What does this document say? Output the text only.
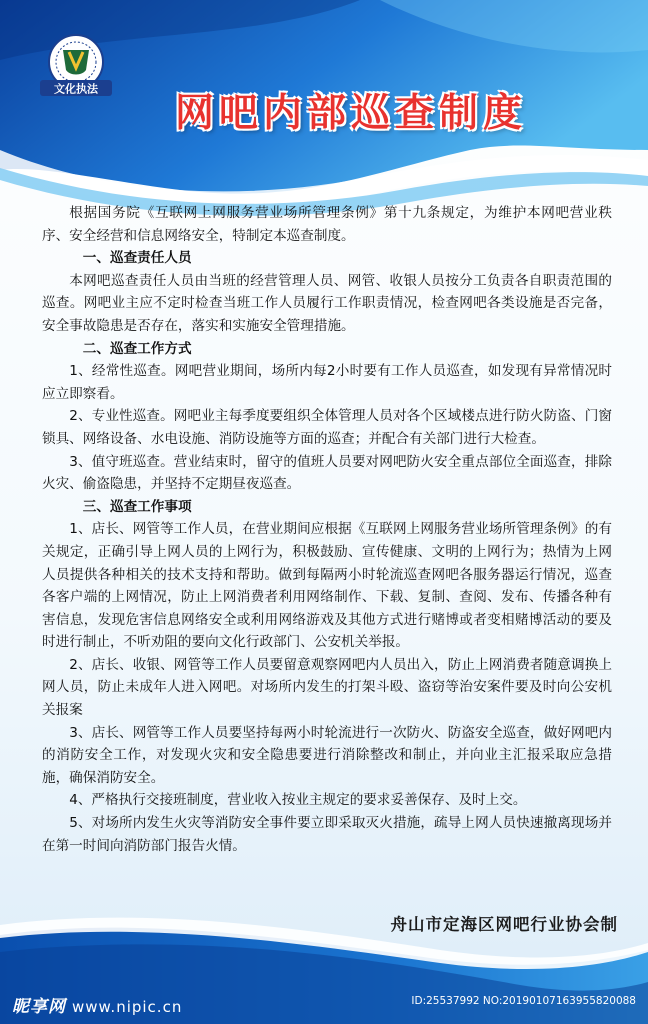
文化执法
网吧内部巡查制度

根据国务院《互联网上网服务营业场所管理条例》第十九条规定，为维护本网吧营业秩序、安全经营和信息网络安全，特制定本巡查制度。

一、巡查责任人员

本网吧巡查责任人员由当班的经营管理人员、网管、收银人员按分工负责各自职责范围的巡查。网吧业主应不定时检查当班工作人员履行工作职责情况，检查网吧各类设施是否完备，安全事故隐患是否存在，落实和实施安全管理措施。

二、巡查工作方式

1、经常性巡查。网吧营业期间，场所内每2小时要有工作人员巡查，如发现有异常情况时应立即察看。

2、专业性巡查。网吧业主每季度要组织全体管理人员对各个区域楼点进行防火防盗、门窗锁具、网络设备、水电设施、消防设施等方面的巡查；并配合有关部门进行大检查。

3、值守班巡查。营业结束时，留守的值班人员要对网吧防火安全重点部位全面巡查，排除火灾、偷盗隐患，并坚持不定期昼夜巡查。

三、巡查工作事项

1、店长、网管等工作人员，在营业期间应根据《互联网上网服务营业场所管理条例》的有关规定，正确引导上网人员的上网行为，积极鼓励、宣传健康、文明的上网行为；热情为上网人员提供各种相关的技术支持和帮助。做到每隔两小时轮流巡查网吧各服务器运行情况，巡查各客户端的上网情况，防止上网消费者利用网络制作、下载、复制、查阅、发布、传播各种有害信息，发现危害信息网络安全或利用网络游戏及其他方式进行赌博或者变相赌博活动的要及时进行制止，不听劝阻的要向文化行政部门、公安机关举报。

2、店长、收银、网管等工作人员要留意观察网吧内人员出入，防止上网消费者随意调换上网人员，防止未成年人进入网吧。对场所内发生的打架斗殴、盗窃等治安案件要及时向公安机关报案

3、店长、网管等工作人员要坚持每两小时轮流进行一次防火、防盗安全巡查，做好网吧内的消防安全工作，对发现火灾和安全隐患要进行消除整改和制止，并向业主汇报采取应急措施，确保消防安全。

4、严格执行交接班制度，营业收入按业主规定的要求妥善保存、及时上交。

5、对场所内发生火灾等消防安全事件要立即采取灭火措施，疏导上网人员快速撤离现场并在第一时间向消防部门报告火情。

舟山市定海区网吧行业协会制
昵享网 www.nipic.cn	ID:25537992 NO:20190107163955820088
